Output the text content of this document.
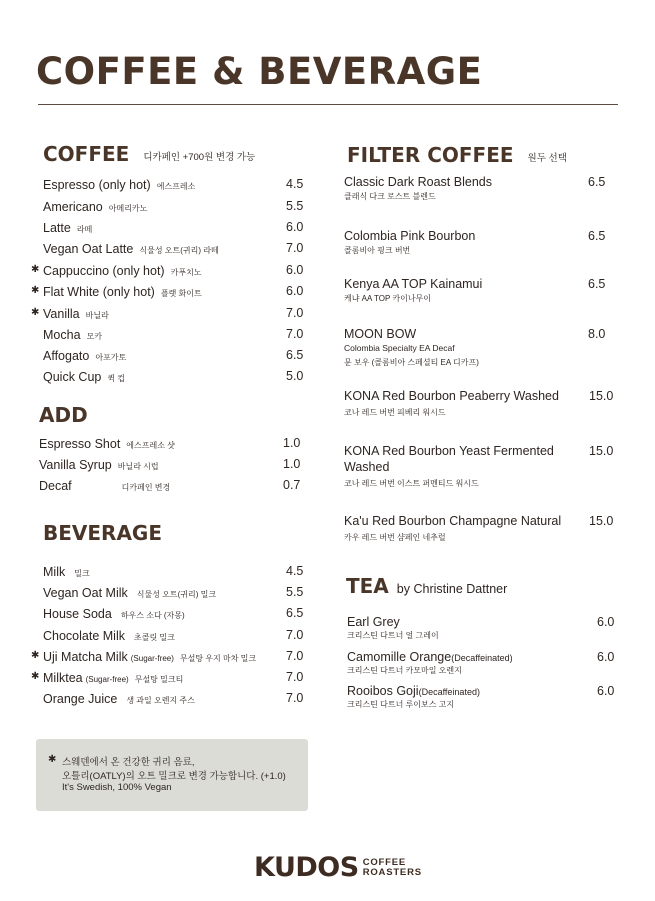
COFFEE & BEVERAGE
COFFEE 디카페인 +700원 변경 가능
Espresso (only hot) 에스프레소	4.5
Americano 아메리카노	5.5
Latte 라떼	6.0
Vegan Oat Latte 식물성 오트(귀리) 라떼	7.0
✱ Cappuccino (only hot) 카푸치노	6.0
✱ Flat White (only hot) 플랫 화이트	6.0
✱ Vanilla 바닐라	7.0
Mocha 모카	7.0
Affogato 아포가토	6.5
Quick Cup 퀵 컵	5.0
ADD
Espresso Shot 에스프레소 샷	1.0
Vanilla Syrup 바닐라 시럽	1.0
Decaf	디카페인 변경	0.7
BEVERAGE
Milk 밀크	4.5
Vegan Oat Milk 식물성 오트(귀리) 밀크	5.5
House Soda 하우스 소다 (자몽)	6.5
Chocolate Milk 초콜릿 밀크	7.0
✱ Uji Matcha Milk (Sugar-free) 무설탕 우지 마차 밀크 7.0
✱ Milktea (Sugar-free) 무설탕 밀크티	7.0
Orange Juice 생 과일 오렌지 주스	7.0
✱ 스웨덴에서 온 건강한 귀리 음료,
오틀리(OATLY)의 오트 밀크로 변경 가능합니다. (+1.0)
It's Swedish, 100% Vegan
FILTER COFFEE 원두 선택
Classic Dark Roast Blends
클래식 다크 로스트 블렌드
6.5
Colombia Pink Bourbon
콜롬비아 핑크 버번
6.5
Kenya AA TOP Kainamui
케냐 AA TOP 카이나무이
6.5
MOON BOW
Colombia Specialty EA Decaf
문 보우 (콜롬비아 스페셜티 EA 디카프)
8.0
KONA Red Bourbon Peaberry Washed
코나 레드 버번 피베리 워시드
15.0
KONA Red Bourbon Yeast Fermented Washed
코나 레드 버번 이스트 퍼멘티드 워시드
15.0
Ka'u Red Bourbon Champagne Natural
카우 레드 버번 샴페인 네추럴
15.0
TEA by Christine Dattner
Earl Grey
크리스틴 다트너 얼 그레이
6.0
Camomille Orange(Decaffeinated)
크리스틴 다트너 카모마일 오렌지
6.0
Rooibos Goji(Decaffeinated)
크리스틴 다트너 루이보스 고지
6.0
KUDOS COFFEE
ROASTERS
